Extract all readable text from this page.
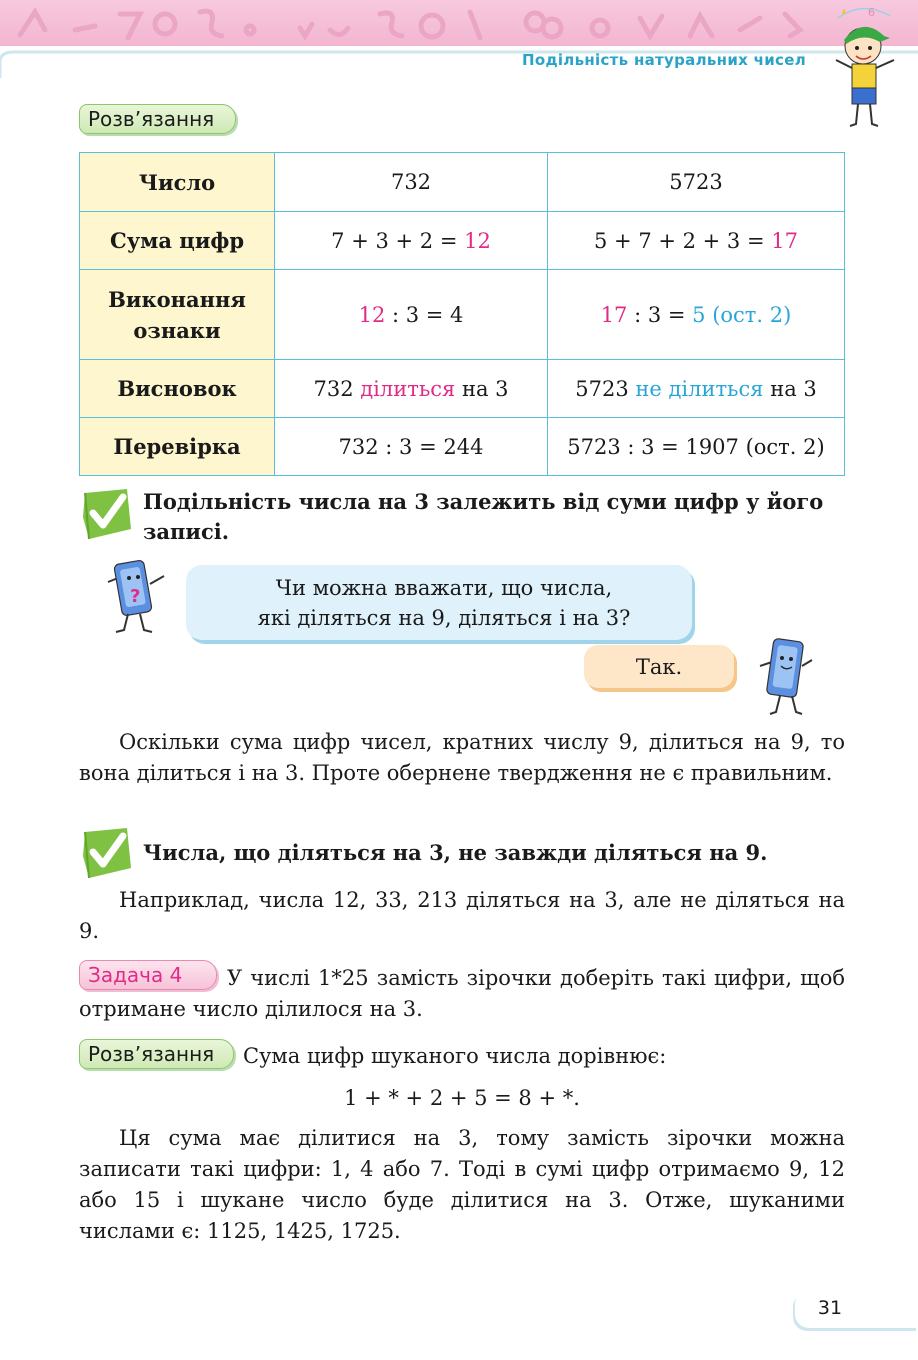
Подільність натуральних чисел
6
Розв’язання
Число	732	5723
Сума цифр	7 + 3 + 2 = 12	5 + 7 + 2 + 3 = 17
Виконання
ознаки	12 : 3 = 4	17 : 3 = 5 (ост. 2)
Висновок	732 ділиться на 3	5723 не ділиться на 3
Перевірка	732 : 3 = 244	5723 : 3 = 1907 (ост. 2)
Подільність числа на 3 залежить від суми цифр у його записі.
?	Чи можна вважати, що числа,
які діляться на 9, діляться і на 3?
Так.
Оскільки сума цифр чисел, кратних числу 9, ділиться на 9, то вона ділиться і на 3. Проте обернене твердження не є правильним.
Числа, що діляться на 3, не завжди діляться на 9.
Наприклад, числа 12, 33, 213 діляться на 3, але не діляться на 9.
Задача 4	У числі 1*25 замість зірочки доберіть такі цифри, щоб отримане число ділилося на 3.
Розв’язання	Сума цифр шуканого числа дорівнює:
1 + * + 2 + 5 = 8 + *.
Ця сума має ділитися на 3, тому замість зірочки можна записати такі цифри: 1, 4 або 7. Тоді в сумі цифр отримаємо 9, 12 або 15 і шукане число буде ділитися на 3. Отже, шуканими числами є: 1125, 1425, 1725.
31
